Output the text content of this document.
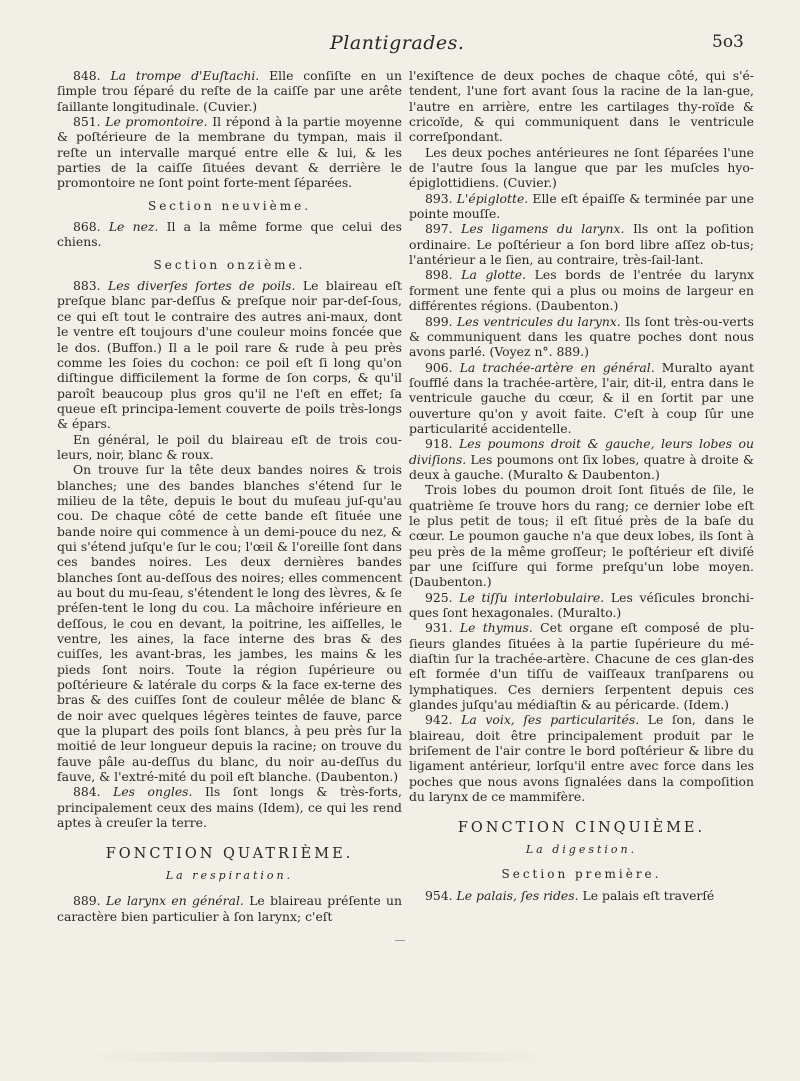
Plantigrades.	5o3

848. La trompe d'Euſtachi. Elle conſiſte en un ſimple trou ſéparé du reſte de la caiſſe par une arête ſaillante longitudinale. (Cuvier.)

851. Le promontoire. Il répond à la partie moyenne & poſtérieure de la membrane du tympan, mais il reſte un intervalle marqué entre elle & lui, & les parties de la caiſſe ſituées devant & derrière le promontoire ne ſont point forte-ment ſéparées.

Section neuvième.

868. Le nez. Il a la même forme que celui des chiens.

Section onzième.

883. Les diverſes ſortes de poils. Le blaireau eſt preſque blanc par-deſſus & preſque noir par-deſ-ſous, ce qui eſt tout le contraire des autres ani-maux, dont le ventre eſt toujours d'une couleur moins foncée que le dos. (Buffon.) Il a le poil rare & rude à peu près comme les ſoies du cochon: ce poil eſt ſi long qu'on diſtingue difficilement la forme de ſon corps, & qu'il paroît beaucoup plus gros qu'il ne l'eſt en effet; ſa queue eſt principa-lement couverte de poils très-longs & épars.

En général, le poil du blaireau eſt de trois cou-leurs, noir, blanc & roux.

On trouve ſur la tête deux bandes noires & trois blanches; une des bandes blanches s'étend ſur le milieu de la tête, depuis le bout du muſeau juſ-qu'au cou. De chaque côté de cette bande eſt ſituée une bande noire qui commence à un demi-pouce du nez, & qui s'étend juſqu'e ſur le cou; l'œil & l'oreille ſont dans ces bandes noires. Les deux dernières bandes blanches ſont au-deſſous des noires; elles commencent au bout du mu-ſeau, s'étendent le long des lèvres, & ſe préſen-tent le long du cou. La mâchoire inférieure en deſſous, le cou en devant, la poitrine, les aiſſelles, le ventre, les aines, la face interne des bras & des cuiſſes, les avant-bras, les jambes, les mains & les pieds ſont noirs. Toute la région ſupérieure ou poſtérieure & latérale du corps & la face ex-terne des bras & des cuiſſes ſont de couleur mêlée de blanc & de noir avec quelques légères teintes de fauve, parce que la plupart des poils ſont blancs, à peu près ſur la moitié de leur longueur depuis la racine; on trouve du fauve pâle au-deſſus du blanc, du noir au-deſſus du fauve, & l'extré-mité du poil eſt blanche. (Daubenton.)

884. Les ongles. Ils ſont longs & très-forts, principalement ceux des mains (Idem), ce qui les rend aptes à creuſer la terre.

FONCTION QUATRIÈME.
La respiration.

889. Le larynx en général. Le blaireau préſente un caractère bien particulier à ſon larynx; c'eſt

l'exiſtence de deux poches de chaque côté, qui s'é-tendent, l'une fort avant ſous la racine de la lan-gue, l'autre en arrière, entre les cartilages thy-roïde & cricoïde, & qui communiquent dans le ventricule correſpondant.

Les deux poches antérieures ne ſont ſéparées l'une de l'autre ſous la langue que par les muſcles hyo-épiglottidiens. (Cuvier.)

893. L'épiglotte. Elle eſt épaiſſe & terminée par une pointe mouſſe.

897. Les ligamens du larynx. Ils ont la poſition ordinaire. Le poſtérieur a ſon bord libre aſſez ob-tus; l'antérieur a le ſien, au contraire, très-ſail-lant.

898. La glotte. Les bords de l'entrée du larynx forment une fente qui a plus ou moins de largeur en différentes régions. (Daubenton.)

899. Les ventricules du larynx. Ils ſont très-ou-verts & communiquent dans les quatre poches dont nous avons parlé. (Voyez n°. 889.)

906. La trachée-artère en général. Muralto ayant ſoufflé dans la trachée-artère, l'air, dit-il, entra dans le ventricule gauche du cœur, & il en ſortit par une ouverture qu'on y avoit faite. C'eſt à coup ſûr une particularité accidentelle.

918. Les poumons droit & gauche, leurs lobes ou diviſions. Les poumons ont ſix lobes, quatre à droite & deux à gauche. (Muralto & Daubenton.)

Trois lobes du poumon droit ſont ſitués de ſile, le quatrième ſe trouve hors du rang; ce dernier lobe eſt le plus petit de tous; il eſt ſitué près de la baſe du cœur. Le poumon gauche n'a que deux lobes, ils ſont à peu près de la même groſſeur; le poſtérieur eſt diviſé par une ſciſſure qui forme preſqu'un lobe moyen. (Daubenton.)

925. Le tiſſu interlobulaire. Les véſicules bronchi-ques ſont hexagonales. (Muralto.)

931. Le thymus. Cet organe eſt composé de plu-ſieurs glandes ſituées à la partie ſupérieure du mé-diaſtin ſur la trachée-artère. Chacune de ces glan-des eſt formée d'un tiſſu de vaiſſeaux tranſparens ou lymphatiques. Ces derniers ſerpentent depuis ces glandes juſqu'au médiaſtin & au péricarde. (Idem.)

942. La voix, ſes particularités. Le ſon, dans le blaireau, doit être principalement produit par le briſement de l'air contre le bord poſtérieur & libre du ligament antérieur, lorſqu'il entre avec force dans les poches que nous avons ſignalées dans la compoſition du larynx de ce mammifère.

FONCTION CINQUIÈME.
La digestion.
Section première.

954. Le palais, ſes rides. Le palais eſt traverſé
